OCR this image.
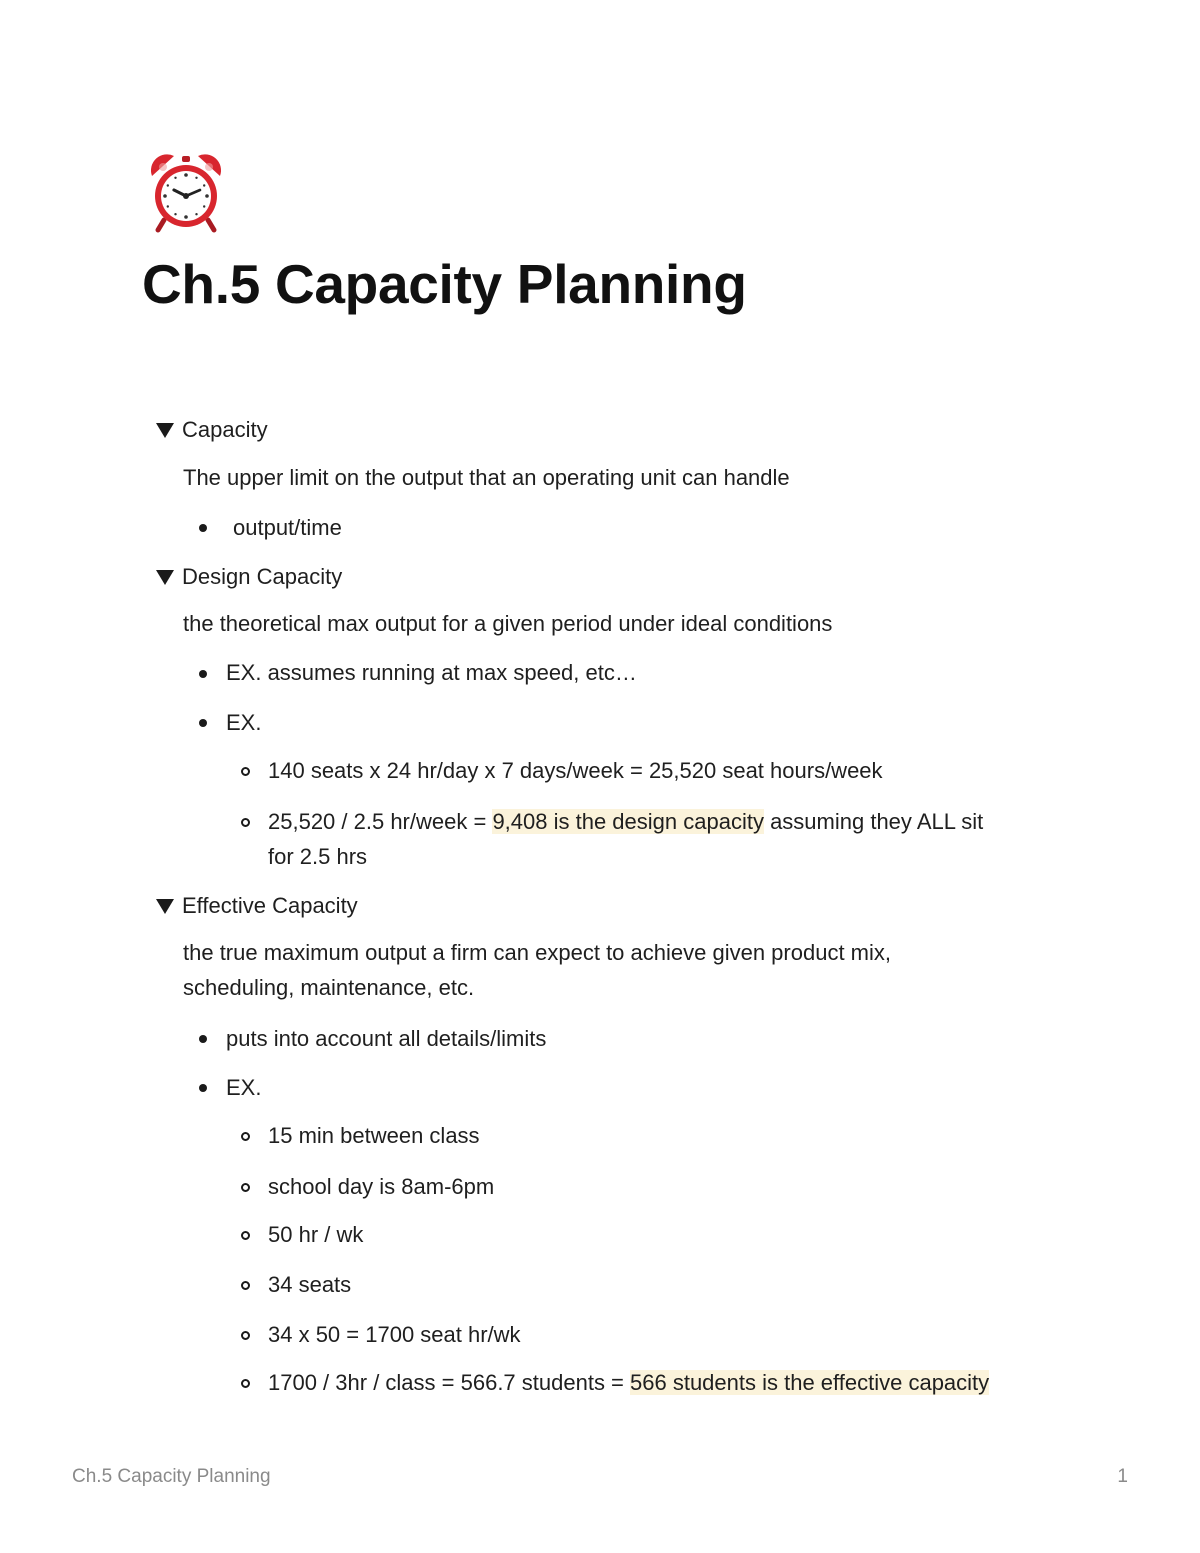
Ch.5 Capacity Planning
Capacity
The upper limit on the output that an operating unit can handle
output/time
Design Capacity
the theoretical max output for a given period under ideal conditions
EX. assumes running at max speed, etc…
EX.
140 seats x 24 hr/day x 7 days/week = 25,520 seat hours/week
25,520 / 2.5 hr/week = 9,408 is the design capacity assuming they ALL sit
for 2.5 hrs
Effective Capacity
the true maximum output a firm can expect to achieve given product mix,
scheduling, maintenance, etc.
puts into account all details/limits
EX.
15 min between class
school day is 8am-6pm
50 hr / wk
34 seats
34 x 50 = 1700 seat hr/wk
1700 / 3hr / class = 566.7 students = 566 students is the effective capacity
Ch.5 Capacity Planning	1
